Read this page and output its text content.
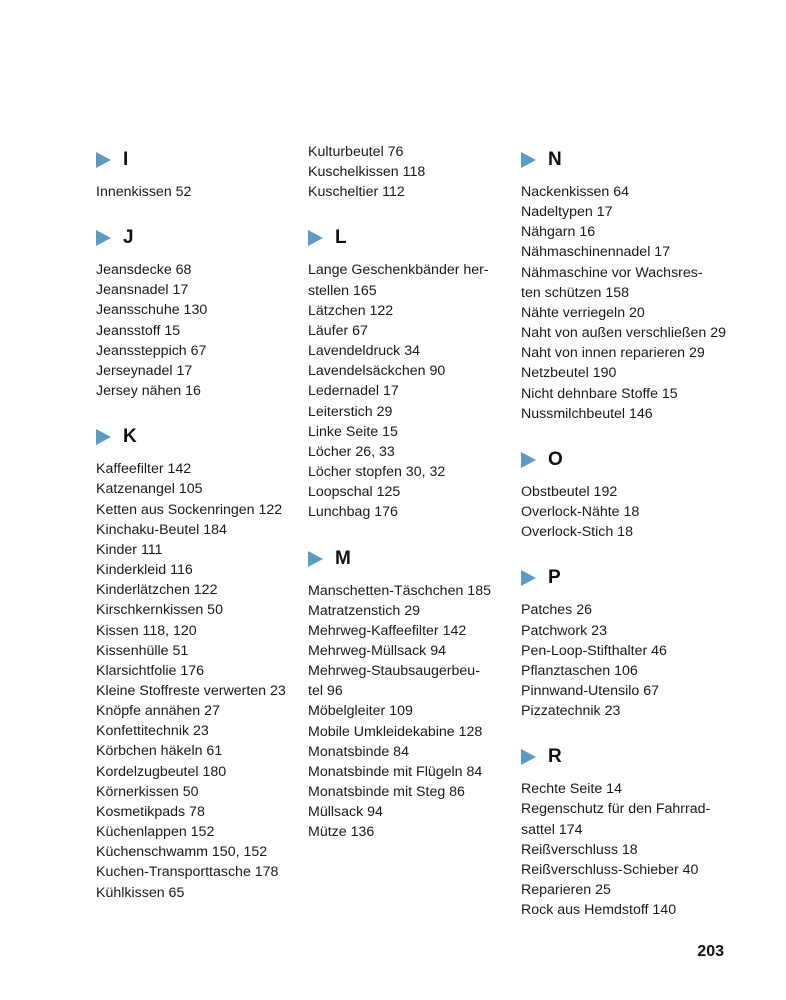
I
Innenkissen 52
J
Jeansdecke 68
Jeansnadel 17
Jeansschuhe 130
Jeansstoff 15
Jeanssteppich 67
Jerseynadel 17
Jersey nähen 16
K
Kaffeefilter 142
Katzenangel 105
Ketten aus Sockenringen 122
Kinchaku-Beutel 184
Kinder 111
Kinderkleid 116
Kinderlätzchen 122
Kirschkernkissen 50
Kissen 118, 120
Kissenhülle 51
Klarsichtfolie 176
Kleine Stoffreste verwerten 23
Knöpfe annähen 27
Konfettitechnik 23
Körbchen häkeln 61
Kordelzugbeutel 180
Körnerkissen 50
Kosmetikpads 78
Küchenlappen 152
Küchenschwamm 150, 152
Kuchen-Transporttasche 178
Kühlkissen 65
Kulturbeutel 76
Kuschelkissen 118
Kuscheltier 112
L
Lange Geschenkbänder her-
stellen 165
Lätzchen 122
Läufer 67
Lavendeldruck 34
Lavendelsäckchen 90
Ledernadel 17
Leiterstich 29
Linke Seite 15
Löcher 26, 33
Löcher stopfen 30, 32
Loopschal 125
Lunchbag 176
M
Manschetten-Täschchen 185
Matratzenstich 29
Mehrweg-Kaffeefilter 142
Mehrweg-Müllsack 94
Mehrweg-Staubsaugerbeu-
tel 96
Möbelgleiter 109
Mobile Umkleidekabine 128
Monatsbinde 84
Monatsbinde mit Flügeln 84
Monatsbinde mit Steg 86
Müllsack 94
Mütze 136
N
Nackenkissen 64
Nadeltypen 17
Nähgarn 16
Nähmaschinennadel 17
Nähmaschine vor Wachsres-
ten schützen 158
Nähte verriegeln 20
Naht von außen verschließen 29
Naht von innen reparieren 29
Netzbeutel 190
Nicht dehnbare Stoffe 15
Nussmilchbeutel 146
O
Obstbeutel 192
Overlock-Nähte 18
Overlock-Stich 18
P
Patches 26
Patchwork 23
Pen-Loop-Stifthalter 46
Pflanztaschen 106
Pinnwand-Utensilo 67
Pizzatechnik 23
R
Rechte Seite 14
Regenschutz für den Fahrrad-
sattel 174
Reißverschluss 18
Reißverschluss-Schieber 40
Reparieren 25
Rock aus Hemdstoff 140
203
